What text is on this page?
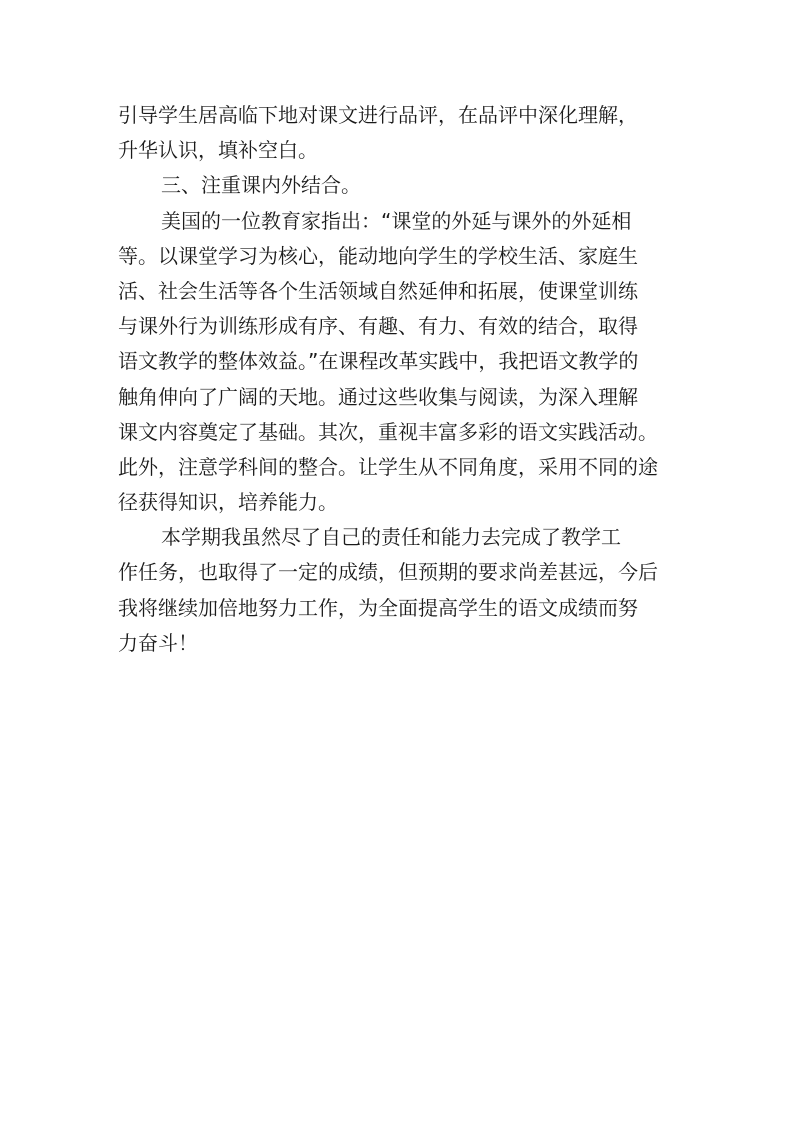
引导学生居高临下地对课文进行品评，在品评中深化理解，
升华认识，填补空白。
三、注重课内外结合。
美国的一位教育家指出：“课堂的外延与课外的外延相
等。以课堂学习为核心，能动地向学生的学校生活、家庭生
活、社会生活等各个生活领域自然延伸和拓展，使课堂训练
与课外行为训练形成有序、有趣、有力、有效的结合，取得
语文教学的整体效益。”在课程改革实践中，我把语文教学的
触角伸向了广阔的天地。通过这些收集与阅读，为深入理解
课文内容奠定了基础。其次，重视丰富多彩的语文实践活动。
此外，注意学科间的整合。让学生从不同角度，采用不同的途
径获得知识，培养能力。
本学期我虽然尽了自己的责任和能力去完成了教学工
作任务，也取得了一定的成绩，但预期的要求尚差甚远，今后
我将继续加倍地努力工作，为全面提高学生的语文成绩而努
力奋斗！
